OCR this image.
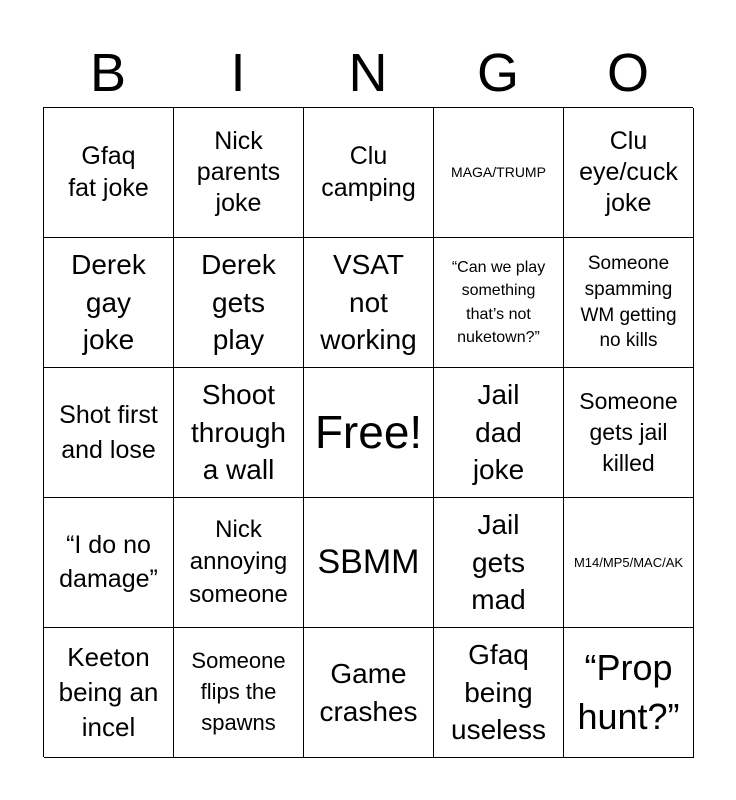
B	I	N	G	O
Gfaq
fat joke
Nick
parents
joke
Clu
camping
MAGA/TRUMP
Clu
eye/cuck
joke
Derek
gay
joke
Derek
gets
play
VSAT
not
working
“Can we play
something
that’s not
nuketown?”
Someone
spamming
WM getting
no kills
Shot first
and lose
Shoot
through
a wall
Free!
Jail
dad
joke
Someone
gets jail
killed
“I do no
damage”
Nick
annoying
someone
SBMM
Jail
gets
mad
M14/MP5/MAC/AK
Keeton
being an
incel
Someone
flips the
spawns
Game
crashes
Gfaq
being
useless
“Prop
hunt?”
